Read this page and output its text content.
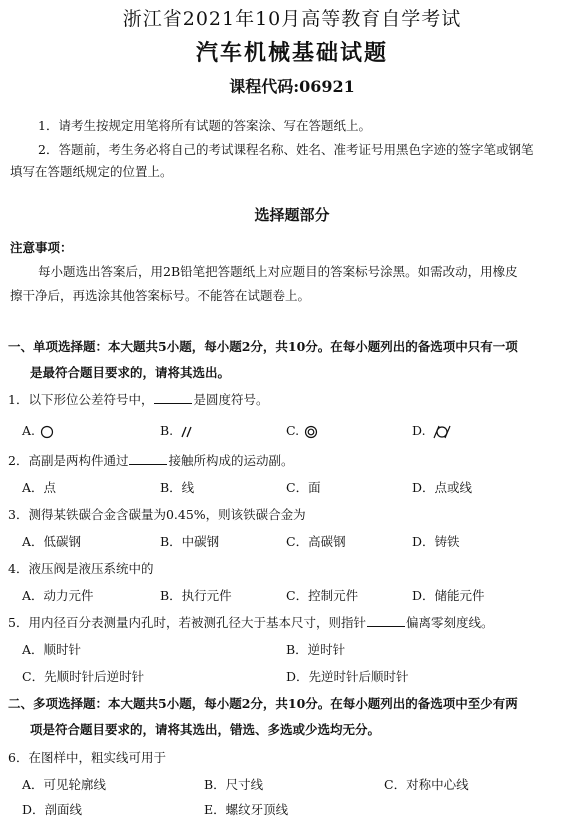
浙江省2021年10月高等教育自学考试
汽车机械基础试题
课程代码:06921
1．请考生按规定用笔将所有试题的答案涂、写在答题纸上。
2．答题前，考生务必将自己的考试课程名称、姓名、准考证号用黑色字迹的签字笔或钢笔
填写在答题纸规定的位置上。
选择题部分
注意事项：
每小题选出答案后，用2B铅笔把答题纸上对应题目的答案标号涂黑。如需改动，用橡皮
擦干净后，再选涂其他答案标号。不能答在试题卷上。
一、单项选择题：本大题共5小题，每小题2分，共10分。在每小题列出的备选项中只有一项
是最符合题目要求的，请将其选出。
1．以下形位公差符号中，	是圆度符号。
A.	B.	C.	D.
2．高副是两构件通过	接触所构成的运动副。
A．点	B．线	C．面	D．点或线
3．测得某铁碳合金含碳量为0.45%，则该铁碳合金为
A．低碳钢	B．中碳钢	C．高碳钢	D．铸铁
4．液压阀是液压系统中的
A．动力元件	B．执行元件	C．控制元件	D．储能元件
5．用内径百分表测量内孔时，若被测孔径大于基本尺寸，则指针	偏离零刻度线。
A．顺时针	B．逆时针
C．先顺时针后逆时针	D．先逆时针后顺时针
二、多项选择题：本大题共5小题，每小题2分，共10分。在每小题列出的备选项中至少有两
项是符合题目要求的，请将其选出，错选、多选或少选均无分。
6．在图样中，粗实线可用于
A．可见轮廓线	B．尺寸线	C．对称中心线
D．剖面线	E．螺纹牙顶线
